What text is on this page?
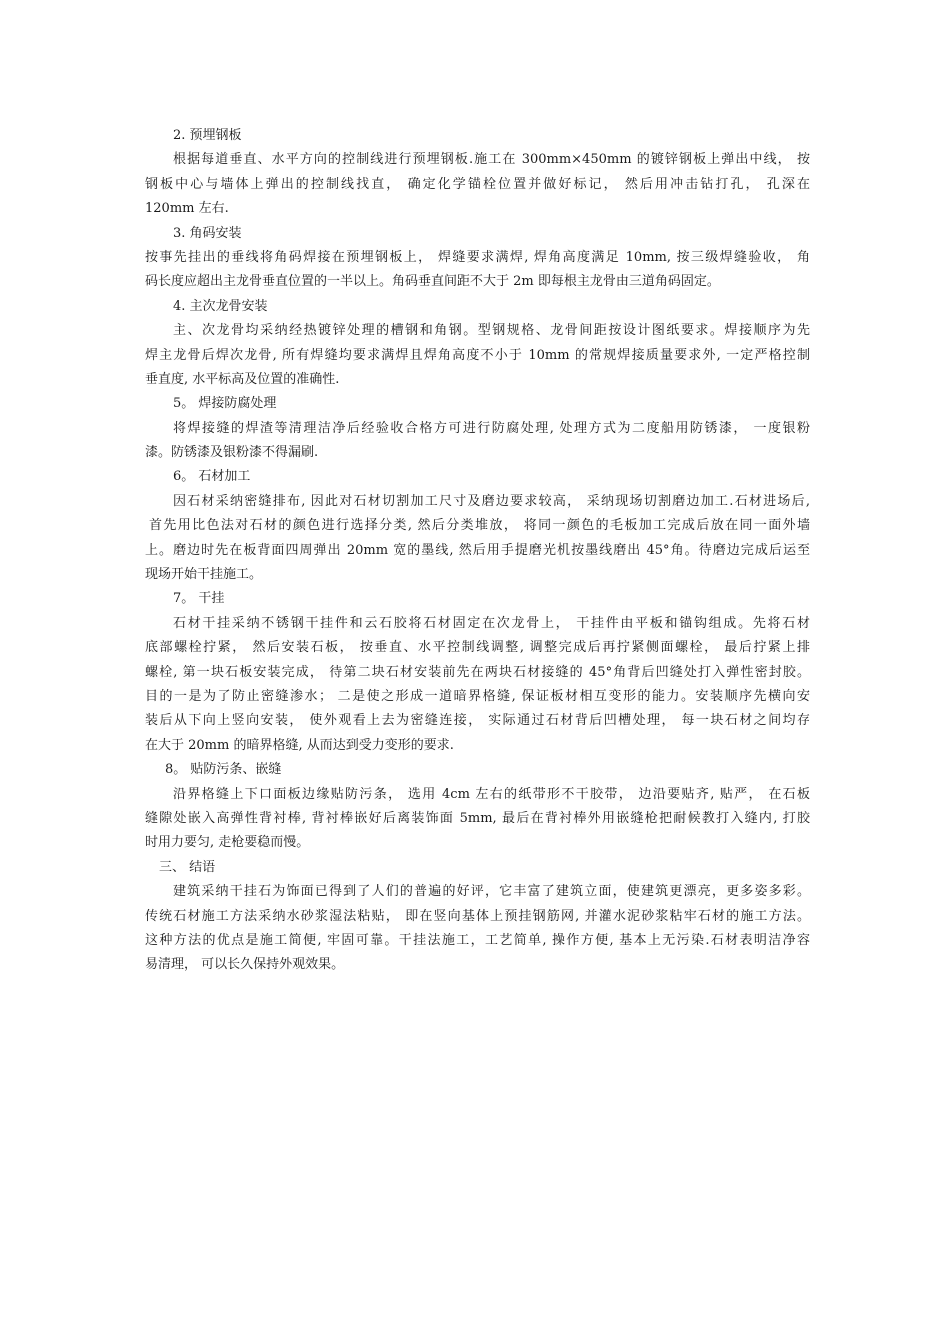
2. 预埋钢板
根据每道垂直、水平方向的控制线进行预埋钢板.施工在 300mm×450mm 的镀锌钢板上弹出中线， 按
钢板中心与墙体上弹出的控制线找直， 确定化学锚栓位置并做好标记， 然后用冲击钻打孔， 孔深在
120mm 左右.
3. 角码安装
按事先挂出的垂线将角码焊接在预埋钢板上， 焊缝要求满焊, 焊角高度满足 10mm, 按三级焊缝验收， 角
码长度应超出主龙骨垂直位置的一半以上。角码垂直间距不大于 2m 即每根主龙骨由三道角码固定。
4. 主次龙骨安装
主、次龙骨均采纳经热镀锌处理的槽钢和角钢。型钢规格、龙骨间距按设计图纸要求。焊接顺序为先
焊主龙骨后焊次龙骨, 所有焊缝均要求满焊且焊角高度不小于 10mm 的常规焊接质量要求外, 一定严格控制
垂直度, 水平标高及位置的准确性.
5。 焊接防腐处理
将焊接缝的焊渣等清理洁净后经验收合格方可进行防腐处理, 处理方式为二度船用防锈漆， 一度银粉
漆。防锈漆及银粉漆不得漏刷.
6。 石材加工
因石材采纳密缝排布, 因此对石材切割加工尺寸及磨边要求较高， 采纳现场切割磨边加工.石材进场后,
首先用比色法对石材的颜色进行选择分类, 然后分类堆放， 将同一颜色的毛板加工完成后放在同一面外墙
上。磨边时先在板背面四周弹出 20mm 宽的墨线, 然后用手提磨光机按墨线磨出 45°角。待磨边完成后运至
现场开始干挂施工。
7。 干挂
石材干挂采纳不锈钢干挂件和云石胶将石材固定在次龙骨上， 干挂件由平板和锚钩组成。先将石材
底部螺栓拧紧， 然后安装石板， 按垂直、水平控制线调整, 调整完成后再拧紧侧面螺栓， 最后拧紧上排
螺栓, 第一块石板安装完成， 待第二块石材安装前先在两块石材接缝的 45°角背后凹缝处打入弹性密封胶。
目的一是为了防止密缝渗水； 二是使之形成一道暗界格缝, 保证板材相互变形的能力。安装顺序先横向安
装后从下向上竖向安装， 使外观看上去为密缝连接， 实际通过石材背后凹槽处理， 每一块石材之间均存
在大于 20mm 的暗界格缝, 从而达到受力变形的要求.
8。 贴防污条、嵌缝
沿界格缝上下口面板边缘贴防污条， 选用 4cm 左右的纸带形不干胶带， 边沿要贴齐, 贴严， 在石板
缝隙处嵌入高弹性背衬棒, 背衬棒嵌好后离装饰面 5mm, 最后在背衬棒外用嵌缝枪把耐候教打入缝内, 打胶
时用力要匀, 走枪要稳而慢。
三、 结语
建筑采纳干挂石为饰面已得到了人们的普遍的好评，它丰富了建筑立面，使建筑更漂亮，更多姿多彩。
传统石材施工方法采纳水砂浆湿法粘贴， 即在竖向基体上预挂钢筋网, 并灌水泥砂浆粘牢石材的施工方法。
这种方法的优点是施工简便, 牢固可靠。干挂法施工，工艺简单, 操作方便, 基本上无污染.石材表明洁净容
易清理， 可以长久保持外观效果。
